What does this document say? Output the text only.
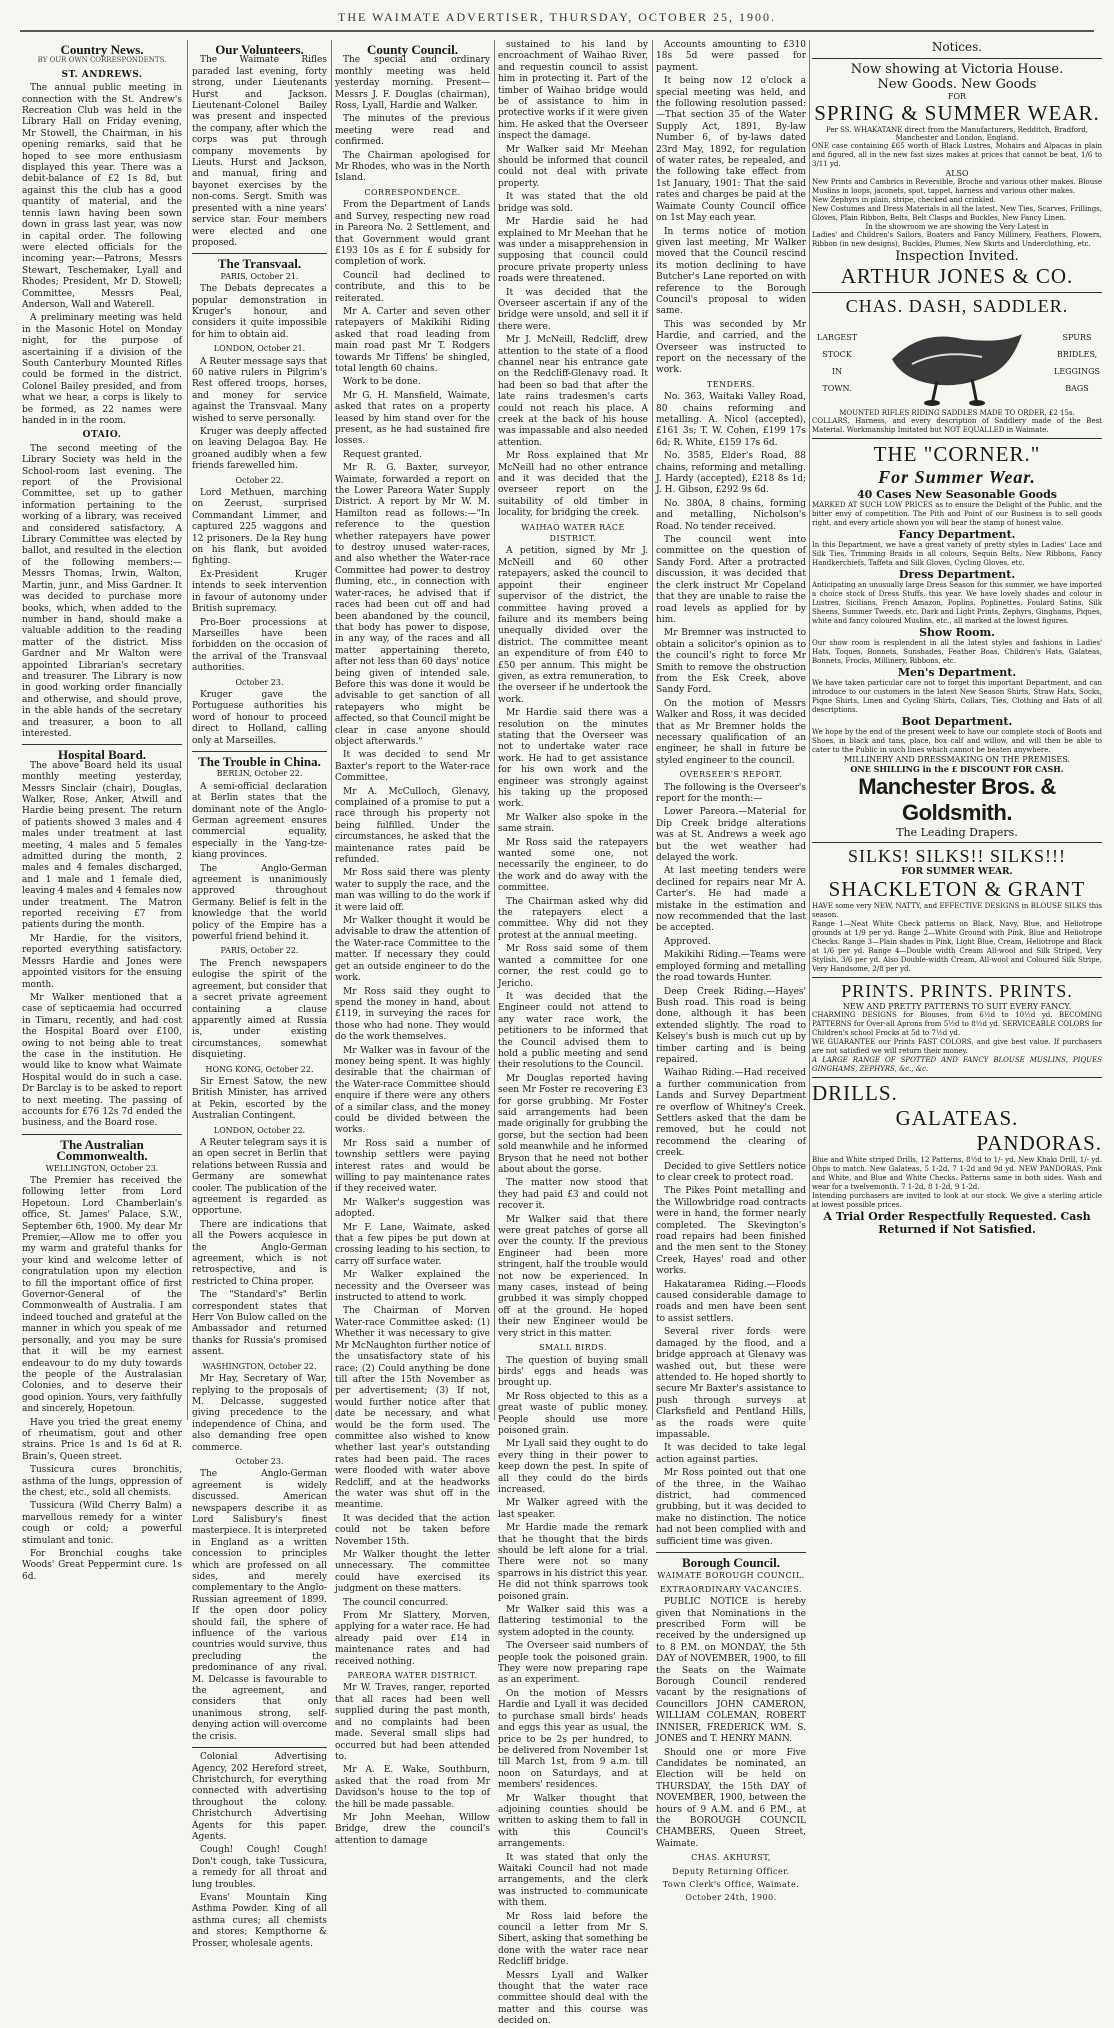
THE WAIMATE ADVERTISER, THURSDAY, OCTOBER 25, 1900.
Country News.
BY OUR OWN CORRESPONDENTS.
ST. ANDREWS.

The annual public meeting in connection with the St. Andrew's Recreation Club was held in the Library Hall on Friday evening, Mr Stowell, the Chairman, in his opening remarks, said that he hoped to see more enthusiasm displayed this year. There was a debit-balance of £2 1s 8d, but against this the club has a good quantity of material, and the tennis lawn having been sown down in grass last year, was now in capital order. The following were elected officials for the incoming year:—Patrons, Messrs Stewart, Teschemaker, Lyall and Rhodes; President, Mr D. Stowell; Committee, Messrs Peal, Anderson, Wall and Waterell.

A preliminary meeting was held in the Masonic Hotel on Monday night, for the purpose of ascertaining if a division of the South Canterbury Mounted Rifles could be formed in the district. Colonel Bailey presided, and from what we hear, a corps is likely to be formed, as 22 names were handed in in the room.

OTAIO.

The second meeting of the Library Society was held in the School-room last evening. The report of the Provisional Committee, set up to gather information pertaining to the working of a library, was received and considered satisfactory. A Library Committee was elected by ballot, and resulted in the election of the following members:—Messrs Thomas, Irwin, Walton, Martin, junr., and Miss Gardner. It was decided to purchase more books, which, when added to the number in hand, should make a valuable addition to the reading matter of the district. Miss Gardner and Mr Walton were appointed Librarian's secretary and treasurer. The Library is now in good working order financially and otherwise, and should prove, in the able hands of the secretary and treasurer, a boon to all interested.

Hospital Board.

The above Board held its usual monthly meeting yesterday, Messrs Sinclair (chair), Douglas, Walker, Rose, Anker, Atwill and Hardie being present. The return of patients showed 3 males and 4 males under treatment at last meeting, 4 males and 5 females admitted during the month, 2 males and 4 females discharged, and 1 male and 1 female died, leaving 4 males and 4 females now under treatment. The Matron reported receiving £7 from patients during the month.

Mr Hardie, for the visitors, reported everything satisfactory. Messrs Hardie and Jones were appointed visitors for the ensuing month.

Mr Walker mentioned that a case of septicaemia had occurred in Timaru, recently, and had cost the Hospital Board over £100, owing to not being able to treat the case in the institution. He would like to know what Waimate Hospital would do in such a case. Dr Barclay is to be asked to report to next meeting. The passing of accounts for £76 12s 7d ended the business, and the Board rose.

The Australian Commonwealth.
WELLINGTON, October 23.

The Premier has received the following letter from Lord Hopetoun. Lord Chamberlain's office, St. James' Palace, S.W., September 6th, 1900. My dear Mr Premier,—Allow me to offer you my warm and grateful thanks for your kind and welcome letter of congratulation upon my election to fill the important office of first Governor-General of the Commonwealth of Australia. I am indeed touched and grateful at the manner in which you speak of me personally, and you may be sure that it will be my earnest endeavour to do my duty towards the people of the Australasian Colonies, and to deserve their good opinion. Yours, very faithfully and sincerely, Hopetoun.

Have you tried the great enemy of rheumatism, gout and other strains. Price 1s and 1s 6d at R. Brain's, Queen street.

Tussicura cures bronchitis, asthma of the lungs, oppression of the chest, etc., sold all chemists.

Tussicura (Wild Cherry Balm) a marvellous remedy for a winter cough or cold; a powerful stimulant and tonic.

For Bronchial coughs take Woods' Great Peppermint cure. 1s 6d.

Our Volunteers.

The Waimate Rifles paraded last evening, forty strong, under Lieutenants Hurst and Jackson. Lieutenant-Colonel Bailey was present and inspected the company, after which the corps was put through company movements by Lieuts. Hurst and Jackson, and manual, firing and bayonet exercises by the non-coms. Sergt. Smith was presented with a nine years' service star. Four members were elected and one proposed.

The Transvaal.
PARIS, October 21.

The Debats deprecates a popular demonstration in Kruger's honour, and considers it quite impossible for him to obtain aid.

LONDON, October 21.

A Reuter message says that 60 native rulers in Pilgrim's Rest offered troops, horses, and money for service against the Transvaal. Many wished to serve personally.

Kruger was deeply affected on leaving Delagoa Bay. He groaned audibly when a few friends farewelled him.

October 22.

Lord Methuen, marching on Zeerust, surprised Commandant Limmer, and captured 225 waggons and 12 prisoners. De la Rey hung on his flank, but avoided fighting.

Ex-President Kruger intends to seek intervention in favour of autonomy under British supremacy.

Pro-Boer processions at Marseilles have been forbidden on the occasion of the arrival of the Transvaal authorities.

October 23.

Kruger gave the Portuguese authorities his word of honour to proceed direct to Holland, calling only at Marseilles.

The Trouble in China.
BERLIN, October 22.

A semi-official declaration at Berlin states that the dominant note of the Anglo-German agreement ensures commercial equality, especially in the Yang-tze-kiang provinces.

The Anglo-German agreement is unanimously approved throughout Germany. Belief is felt in the knowledge that the world policy of the Empire has a powerful friend behind it.

PARIS, October 22.

The French newspapers eulogise the spirit of the agreement, but consider that a secret private agreement containing a clause apparently aimed at Russia is, under existing circumstances, somewhat disquieting.

HONG KONG, October 22.

Sir Ernest Satow, the new British Minister, has arrived at Pekin, escorted by the Australian Contingent.

LONDON, October 22.

A Reuter telegram says it is an open secret in Berlin that relations between Russia and Germany are somewhat cooler. The publication of the agreement is regarded as opportune.

There are indications that all the Powers acquiesce in the Anglo-German agreement, which is not retrospective, and is restricted to China proper.

The "Standard's" Berlin correspondent states that Herr Von Bulow called on the Ambassador and returned thanks for Russia's promised assent.

WASHINGTON, October 22.

Mr Hay, Secretary of War, replying to the proposals of M. Delcasse, suggested giving precedence to the independence of China, and also demanding free open commerce.

October 23.

The Anglo-German agreement is widely discussed. American newspapers describe it as Lord Salisbury's finest masterpiece. It is interpreted in England as a written concession to principles which are professed on all sides, and merely complementary to the Anglo-Russian agreement of 1899. If the open door policy should fail, the sphere of influence of the various countries would survive, thus precluding the predominance of any rival. M. Delcasse is favourable to the agreement, and considers that only unanimous strong, self-denying action will overcome the crisis.

Colonial Advertising Agency, 202 Hereford street, Christchurch, for everything connected with advertising throughout the colony. Christchurch Advertising Agents for this paper. Agents.

Cough! Cough! Cough! Don't cough, take Tussicura, a remedy for all throat and lung troubles.

Evans' Mountain King Asthma Powder. King of all asthma cures; all chemists and stores; Kempthorne & Prosser, wholesale agents.

County Council.

The special and ordinary monthly meeting was held yesterday morning. Present—Messrs J. F. Douglas (chairman), Ross, Lyall, Hardie and Walker.

The minutes of the previous meeting were read and confirmed.

The Chairman apologised for Mr Rhodes, who was in the North Island.

CORRESPONDENCE.

From the Department of Lands and Survey, respecting new road in Pareora No. 2 Settlement, and that Government would grant £193 10s as £ for £ subsidy for completion of work.

Council had declined to contribute, and this to be reiterated.

Mr A. Carter and seven other ratepayers of Makikihi Riding asked that road leading from main road past Mr T. Rodgers towards Mr Tiffens' be shingled, total length 60 chains.

Work to be done.

Mr G. H. Mansfield, Waimate, asked that rates on a property leased by him stand over for the present, as he had sustained fire losses.

Request granted.

Mr R. G. Baxter, surveyor, Waimate, forwarded a report on the Lower Pareora Water Supply District. A report by Mr W. M. Hamilton read as follows:—"In reference to the question whether ratepayers have power to destroy unused water-races, and also whether the Water-race Committee had power to destroy fluming, etc., in connection with water-races, he advised that if races had been cut off and had been abandoned by the council, that body has power to dispose, in any way, of the races and all matter appertaining thereto, after not less than 60 days' notice being given of intended sale. Before this was done it would be advisable to get sanction of all ratepayers who might be affected, so that Council might be clear in case anyone should object afterwards."

It was decided to send Mr Baxter's report to the Water-race Committee.

Mr A. McCulloch, Glenavy, complained of a promise to put a race through his property not being fulfilled. Under the circumstances, he asked that the maintenance rates paid be refunded.

Mr Ross said there was plenty water to supply the race, and the man was willing to do the work if it were laid off.

Mr Walker thought it would be advisable to draw the attention of the Water-race Committee to the matter. If necessary they could get an outside engineer to do the work.

Mr Ross said they ought to spend the money in hand, about £119, in surveying the races for those who had none. They would do the work themselves.

Mr Walker was in favour of the money being spent. It was highly desirable that the chairman of the Water-race Committee should enquire if there were any others of a similar class, and the money could be divided between the works.

Mr Ross said a number of township settlers were paying interest rates and would be willing to pay maintenance rates if they received water.

Mr Walker's suggestion was adopted.

Mr F. Lane, Waimate, asked that a few pipes be put down at crossing leading to his section, to carry off surface water.

Mr Walker explained the necessity and the Overseer was instructed to attend to work.

The Chairman of Morven Water-race Committee asked: (1) Whether it was necessary to give Mr McNaughton further notice of the unsatisfactory state of his race; (2) Could anything be done till after the 15th November as per advertisement; (3) If not, would further notice after that date be necessary, and what would be the form used. The committee also wished to know whether last year's outstanding rates had been paid. The races were flooded with water above Redcliff, and at the headworks the water was shut off in the meantime.

It was decided that the action could not be taken before November 15th.

Mr Walker thought the letter unnecessary. The committee could have exercised its judgment on these matters.

The council concurred.

From Mr Slattery, Morven, applying for a water race. He had already paid over £14 in maintenance rates and had received nothing.

PAREORA WATER DISTRICT.

Mr W. Traves, ranger, reported that all races had been well supplied during the past month, and no complaints had been made. Several small slips had occurred but had been attended to.

Mr A. E. Wake, Southburn, asked that the road from Mr Davidson's house to the top of the hill be made passable.

Mr John Meehan, Willow Bridge, drew the council's attention to damage

sustained to his land by encroachment of Waihao River, and requestin council to assist him in protecting it. Part of the timber of Waihao bridge would be of assistance to him in protective works if it were given him. He asked that the Overseer inspect the damage.

Mr Walker said Mr Meehan should be informed that council could not deal with private property.

It was stated that the old bridge was sold.

Mr Hardie said he had explained to Mr Meehan that he was under a misapprehension in supposing that council could procure private property unless roads were threatened.

It was decided that the Overseer ascertain if any of the bridge were unsold, and sell it if there were.

Mr J. McNeill, Redcliff, drew attention to the state of a flood channel near his entrance gate on the Redcliff-Glenavy road. It had been so bad that after the late rains tradesmen's carts could not reach his place. A creek at the back of his house was impassable and also needed attention.

Mr Ross explained that Mr McNeill had no other entrance and it was decided that the overseer report on the suitability of old timber in locality, for bridging the creek.

WAIHAO WATER RACE DISTRICT.

A petition, signed by Mr J. McNeill and 60 other ratepayers, asked the council to appoint their engineer supervisor of the district, the committee having proved a failure and its members being unequally divided over the district. The committee meant an expenditure of from £40 to £50 per annum. This might be given, as extra remuneration, to the overseer if he undertook the work.

Mr Hardie said there was a resolution on the minutes stating that the Overseer was not to undertake water race work. He had to get assistance for his own work and the engineer was strongly against his taking up the proposed work.

Mr Walker also spoke in the same strain.

Mr Ross said the ratepayers wanted some one, not necessarily the engineer, to do the work and do away with the committee.

The Chairman asked why did the ratepayers elect a committee. Why did not they protest at the annual meeting.

Mr Ross said some of them wanted a committee for one corner, the rest could go to Jericho.

It was decided that the Engineer could not attend to any water race work, the petitioners to be informed that the Council advised them to hold a public meeting and send their resolutions to the Council.

Mr Douglas reported having seen Mr Foster re recovering £3 for gorse grubbing. Mr Foster said arrangements had been made originally for grubbing the gorse, but the section had been sold meanwhile and he informed Bryson that he need not bother about about the gorse.

The matter now stood that they had paid £3 and could not recover it.

Mr Walker said that there were great patches of gorse all over the county. If the previous Engineer had been more stringent, half the trouble would not now be experienced. In many cases, instead of being grubbed it was simply chopped off at the ground. He hoped their new Engineer would be very strict in this matter.

SMALL BIRDS.

The question of buying small birds' eggs and heads was brought up.

Mr Ross objected to this as a great waste of public money. People should use more poisoned grain.

Mr Lyall said they ought to do every thing in their power to keep down the pest. In spite of all they could do the birds increased.

Mr Walker agreed with the last speaker.

Mr Hardie made the remark that he thought that the birds should be left alone for a trial. There were not so many sparrows in his district this year. He did not think sparrows took poisoned grain.

Mr Walker said this was a flattering testimonial to the system adopted in the county.

The Overseer said numbers of people took the poisoned grain. They were now preparing rape as an experiment.

On the motion of Messrs Hardie and Lyall it was decided to purchase small birds' heads and eggs this year as usual, the price to be 2s per hundred, to be delivered from November 1st till March 1st, from 9 a.m. till noon on Saturdays, and at members' residences.

Mr Walker thought that adjoining counties should be written to asking them to fall in with this Council's arrangements.

It was stated that only the Waitaki Council had not made arrangements, and the clerk was instructed to communicate with them.

Mr Ross laid before the council a letter from Mr S. Sibert, asking that something be done with the water race near Redcliff bridge.

Messrs Lyall and Walker thought that the water race committee should deal with the matter and this course was decided on.

Accounts amounting to £310 18s 5d were passed for payment.

It being now 12 o'clock a special meeting was held, and the following resolution passed:—That section 35 of the Water Supply Act, 1891, By-law Number 6, of by-laws dated 23rd May, 1892, for regulation of water rates, be repealed, and the following take effect from 1st January, 1901: That the said rates and charges be paid at the Waimate County Council office on 1st May each year.

In terms notice of motion given last meeting, Mr Walker moved that the Council rescind its motion declining to have Butcher's Lane reported on with reference to the Borough Council's proposal to widen same.

This was seconded by Mr Hardie, and carried, and the Overseer was instructed to report on the necessary of the work.

TENDERS.

No. 363, Waitaki Valley Road, 80 chains reforming and metalling. A. Nicol (accepted), £161 3s; T. W. Cohen, £199 17s 6d; R. White, £159 17s 6d.

No. 3585, Elder's Road, 88 chains, reforming and metalling. J. Hardy (accepted), £218 8s 1d; J. H. Gibson, £292 9s 6d.

No. 380A, 8 chains, forming and metalling, Nicholson's Road. No tender received.

The council went into committee on the question of Sandy Ford. After a protracted discussion, it was decided that the clerk instruct Mr Copeland that they are unable to raise the road levels as applied for by him.

Mr Bremner was instructed to obtain a solicitor's opinion as to the council's right to force Mr Smith to remove the obstruction from the Esk Creek, above Sandy Ford.

On the motion of Messrs Walker and Ross, it was decided that as Mr Bremner holds the necessary qualification of an engineer, he shall in future be styled engineer to the council.

OVERSEER'S REPORT.

The following is the Overseer's report for the month:—

Lower Pareora.—Material for Dip Creek bridge alterations was at St. Andrews a week ago but the wet weather had delayed the work.

At last meeting tenders were declined for repairs near Mr A. Carter's. He had made a mistake in the estimation and now recommended that the last be accepted.

Approved.

Makikihi Riding.—Teams were employed forming and metalling the road towards Hunter.

Deep Creek Riding.—Hayes' Bush road. This road is being done, although it has been extended slightly. The road to Kelsey's bush is much cut up by timber carting and is being repaired.

Waihao Riding.—Had received a further communication from Lands and Survey Department re overflow of Whitney's Creek. Settlers asked that the dam be removed, but he could not recommend the clearing of creek.

Decided to give Settlers notice to clear creek to protect road.

The Pikes Point metalling and the Willowbridge road contracts were in hand, the former nearly completed. The Skevington's road repairs had been finished and the men sent to the Stoney Creek, Hayes' road and other works.

Hakataramea Riding.—Floods caused considerable damage to roads and men have been sent to assist settlers.

Several river fords were damaged by the flood, and a bridge approach at Glenavy was washed out, but these were attended to. He hoped shortly to secure Mr Baxter's assistance to push through surveys at Clarksfield and Pentland Hills, as the roads were quite impassable.

It was decided to take legal action against parties.

Mr Ross pointed out that one of the three, in the Waihao district, had commenced grubbing, but it was decided to make no distinction. The notice had not been complied with and sufficient time was given.

Borough Council.
WAIMATE BOROUGH COUNCIL.
EXTRAORDINARY VACANCIES.

PUBLIC NOTICE is hereby given that Nominations in the prescribed Form will be received by the undersigned up to 8 P.M. on MONDAY, the 5th DAY of NOVEMBER, 1900, to fill the Seats on the Waimate Borough Council rendered vacant by the resignations of Councillors JOHN CAMERON, WILLIAM COLEMAN, ROBERT INNISER, FREDERICK WM. S. JONES and T. HENRY MANN.

Should one or more Five Candidates be nominated, an Election will be held on THURSDAY, the 15th DAY of NOVEMBER, 1900, between the hours of 9 A.M. and 6 P.M., at the BOROUGH COUNCIL CHAMBERS, Queen Street, Waimate.

CHAS. AKHURST,
Deputy Returning Officer.
Town Clerk's Office, Waimate.
October 24th, 1900.
Notices.
Now showing at Victoria House.
New Goods. New Goods
FOR
SPRING & SUMMER WEAR.
Per SS. WHAKATANE direct from the Manufacturers, Redditch, Bradford, Manchester and London, England.
ONE case containing £65 worth of Black Lustres, Mohairs and Alpacas in plain and figured, all in the new fast sizes makes at prices that cannot be beat, 1/6 to 3/11 yd.
ALSO
New Prints and Cambrics in Reversible, Broche and various other makes. Blouse Muslins in loops, jaconets, spot, tappet, harness and various other makes.
New Zephyrs in plain, stripe, checked and crinkled.
New Costumes and Dress Materials in all the latest. New Ties, Scarves, Frillings, Gloves, Plain Ribbon, Belts, Belt Clasps and Buckles, New Fancy Linen.
In the showroom we are showing the Very Latest in
Ladies' and Children's Sailors, Boaters and Fancy Millinery, Feathers, Flowers, Ribbon (in new designs), Buckles, Plumes, New Skirts and Underclothing, etc.
Inspection Invited.
ARTHUR JONES & CO.
CHAS. DASH, SADDLER.
LARGEST
STOCK
IN
TOWN.
SPURS
BRIDLES,
LEGGINGS
BAGS
MOUNTED RIFLES RIDING SADDLES MADE TO ORDER, £2 15s.
COLLARS, Harness, and every description of Saddlery made of the Best Material. Workmanship Imitated but NOT EQUALLED in Waimate.
THE "CORNER."
For Summer Wear.
40 Cases New Seasonable Goods
MARKED AT SUCH LOW PRICES as to ensure the Delight of the Public, and the bitter envy of competition. The Pith and Point of our Business is to sell goods right, and every article shown you will bear the stamp of honest value.
Fancy Department.
In this Department, we have a great variety of pretty styles in Ladies' Lace and Silk Ties, Trimming Braids in all colours, Sequin Belts, New Ribbons, Fancy Handkerchiefs, Taffeta and Silk Gloves, Cycling Gloves, etc.
Dress Department.
Anticipating an unusually large Dress Season for this summer, we have imported a choice stock of Dress Stuffs, this year. We have lovely shades and colour in Lustres, Sicilians, French Amazon, Poplins, Poplinettes, Foulard Satins, Silk Sheens, Summer Tweeds, etc. Dark and Light Prints, Zephyrs, Ginghams, Piques, white and fancy coloured Muslins, etc., all marked at the lowest figures.
Show Room.
Our show room is resplendent in all the latest styles and fashions in Ladies' Hats, Toques, Bonnets, Sunshades, Feather Boas, Children's Hats, Galateas, Bonnets, Frocks, Millinery, Ribbons, etc.
Men's Department.
We have taken particular care not to forget this important Department, and can introduce to our customers in the latest New Season Shirts, Straw Hats, Socks, Pique Shirts, Linen and Cycling Shirts, Collars, Ties, Clothing and Hats of all descriptions.
Boot Department.
We hope by the end of the present week to have our complete stock of Boots and Shoes, in black and tans, place, box calf and willow, and will then be able to cater to the Public in such lines which cannot be beaten anywhere.
MILLINERY AND DRESSMAKING ON THE PREMISES.
ONE SHILLING in the £ DISCOUNT FOR CASH.
Manchester Bros. & Goldsmith.
The Leading Drapers.
SILKS! SILKS!! SILKS!!!
FOR SUMMER WEAR.
SHACKLETON & GRANT
HAVE some very NEW, NATTY, and EFFECTIVE DESIGNS in BLOUSE SILKS this season.
Range 1—Neat White Check patterns on Black, Navy, Blue, and Heliotrope grounds at 1/9 per yd. Range 2—White Ground with Pink, Blue and Heliotrope Checks. Range 3—Plain shades in Pink, Light Blue, Cream, Heliotrope and Black at 1/6 per yd. Range 4—Double width Cream All-wool and Silk Striped, Very Stylish, 3/6 per yd. Also Double-width Cream, All-wool and Coloured Silk Stripe, Very Handsome, 2/8 per yd.
PRINTS. PRINTS. PRINTS.
NEW AND PRETTY PATTERNS TO SUIT EVERY FANCY.
CHARMING DESIGNS for Blouses, from 6½d to 10½d yd. BECOMING PATTERNS for Over-all Aprons from 5½d to 8½d yd. SERVICEABLE COLORS for Children's school Frocks at 5d to 7½d yd.
WE GUARANTEE our Prints FAST COLORS, and give best value. If purchasers are not satisfied we will return their money.
A LARGE RANGE OF SPOTTED AND FANCY BLOUSE MUSLINS, PIQUES GINGHAMS, ZEPHYRS, &c., &c.
DRILLS.
GALATEAS.
PANDORAS.
Blue and White striped Drills, 12 Patterns, 8½d to 1/- yd. New Khaki Drill, 1/- yd. Ohps to match. New Galateas, 5 1-2d, 7 1-2d and 9d yd. NEW PANDORAS, Pink and White, and Blue and White Checks. Patterns same in both sides. Wash and wear for a twelvemonth. 7 1-2d, 8 1-2d, 9 1-2d.
Intending purchasers are invited to look at our stock. We give a sterling article at lowest possible prices.
A Trial Order Respectfully Requested. Cash Returned if Not Satisfied.
